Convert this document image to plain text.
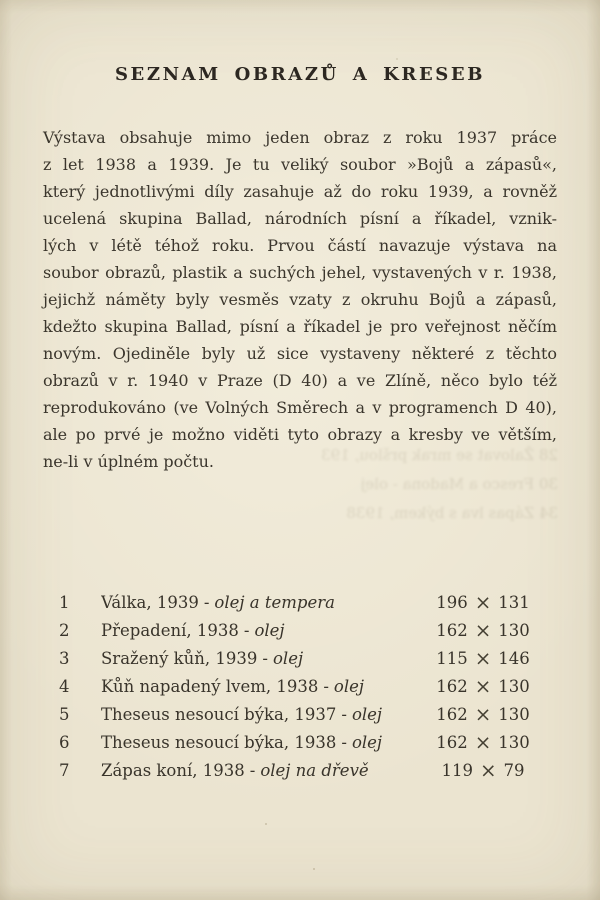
SEZNAM OBRAZŮ A KRESEB
Výstava obsahuje mimo jeden obraz z roku 1937 práce
z let 1938 a 1939. Je tu veliký soubor »Bojů a zápasů«,
který jednotlivými díly zasahuje až do roku 1939, a rovněž
ucelená skupina Ballad, národních písní a říkadel, vznik-
lých v létě téhož roku. Prvou částí navazuje výstava na
soubor obrazů, plastik a suchých jehel, vystavených v r. 1938,
jejichž náměty byly vesměs vzaty z okruhu Bojů a zápasů,
kdežto skupina Ballad, písní a říkadel je pro veřejnost něčím
novým. Ojediněle byly už sice vystaveny některé z těchto
obrazů v r. 1940 v Praze (D 40) a ve Zlíně, něco bylo též
reprodukováno (ve Volných Směrech a v programench D 40),
ale po prvé je možno viděti tyto obrazy a kresby ve větším,
ne-li v úplném počtu.	28 Žalovat se mrak pršlou, 193
30 Fresco a Madona - olej
34 Zápas lva s býkem, 1938
1	Válka, 1939 - olej a tempera	196 × 131
2	Přepadení, 1938 - olej	162 × 130
3	Sražený kůň, 1939 - olej	115 × 146
4	Kůň napadený lvem, 1938 - olej	162 × 130
5	Theseus nesoucí býka, 1937 - olej	162 × 130
6	Theseus nesoucí býka, 1938 - olej	162 × 130
7	Zápas koní, 1938 - olej na dřevě	119 × 79
